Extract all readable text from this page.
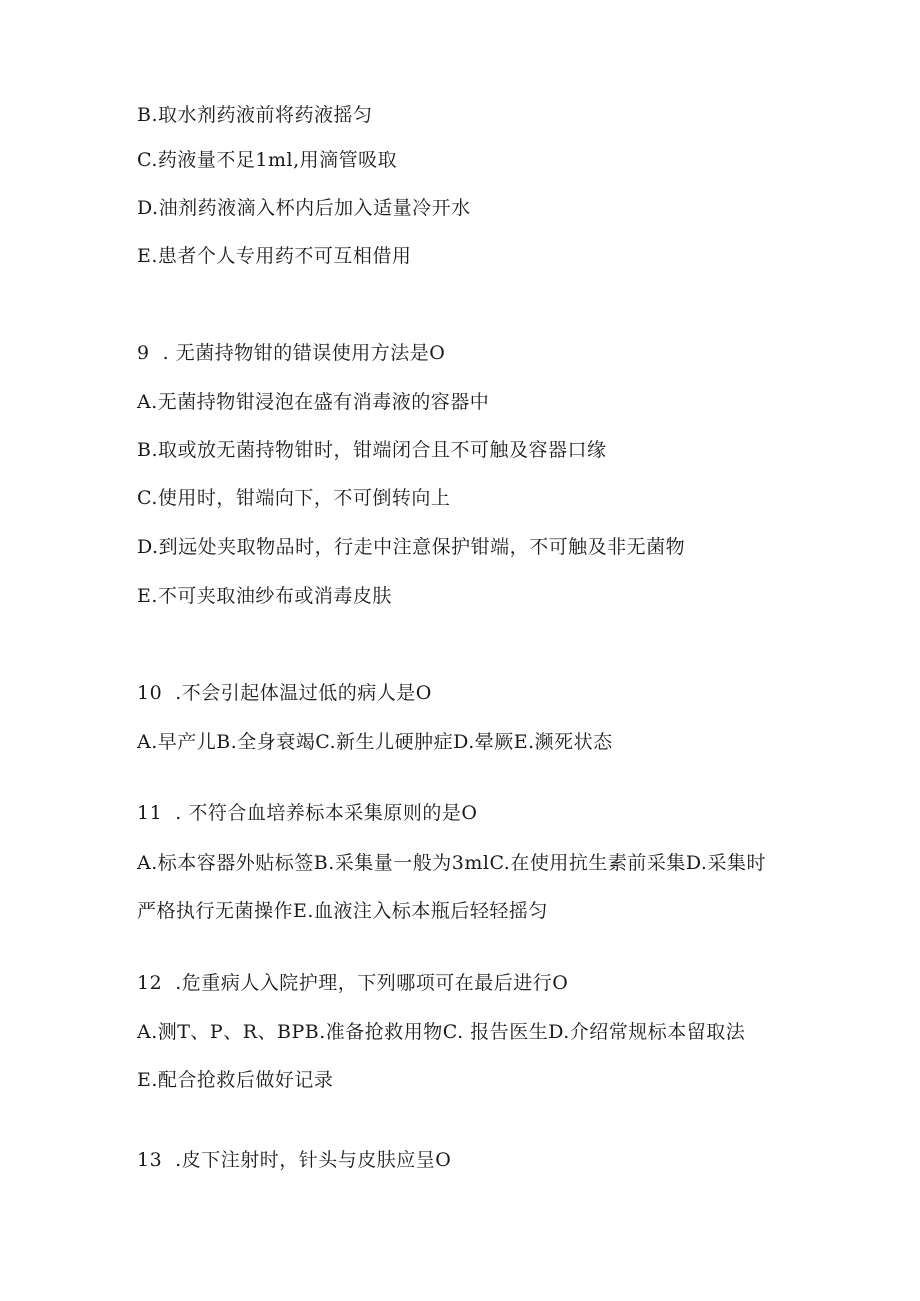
B.取水剂药液前将药液摇匀
C.药液量不足1ml,用滴管吸取
D.油剂药液滴入杯内后加入适量冷开水
E.患者个人专用药不可互相借用
9  . 无菌持物钳的错误使用方法是O
A.无菌持物钳浸泡在盛有消毒液的容器中
B.取或放无菌持物钳时，钳端闭合且不可触及容器口缘
C.使用时，钳端向下，不可倒转向上
D.到远处夹取物品时，行走中注意保护钳端，不可触及非无菌物
E.不可夹取油纱布或消毒皮肤
10  .不会引起体温过低的病人是O
A.早产儿B.全身衰竭C.新生儿硬肿症D.晕厥E.濒死状态
11  . 不符合血培养标本采集原则的是O
A.标本容器外贴标签B.采集量一般为3mlC.在使用抗生素前采集D.采集时
严格执行无菌操作E.血液注入标本瓶后轻轻摇匀
12  .危重病人入院护理，下列哪项可在最后进行O
A.测T、P、R、BPB.准备抢救用物C. 报告医生D.介绍常规标本留取法
E.配合抢救后做好记录
13  .皮下注射时，针头与皮肤应呈O
